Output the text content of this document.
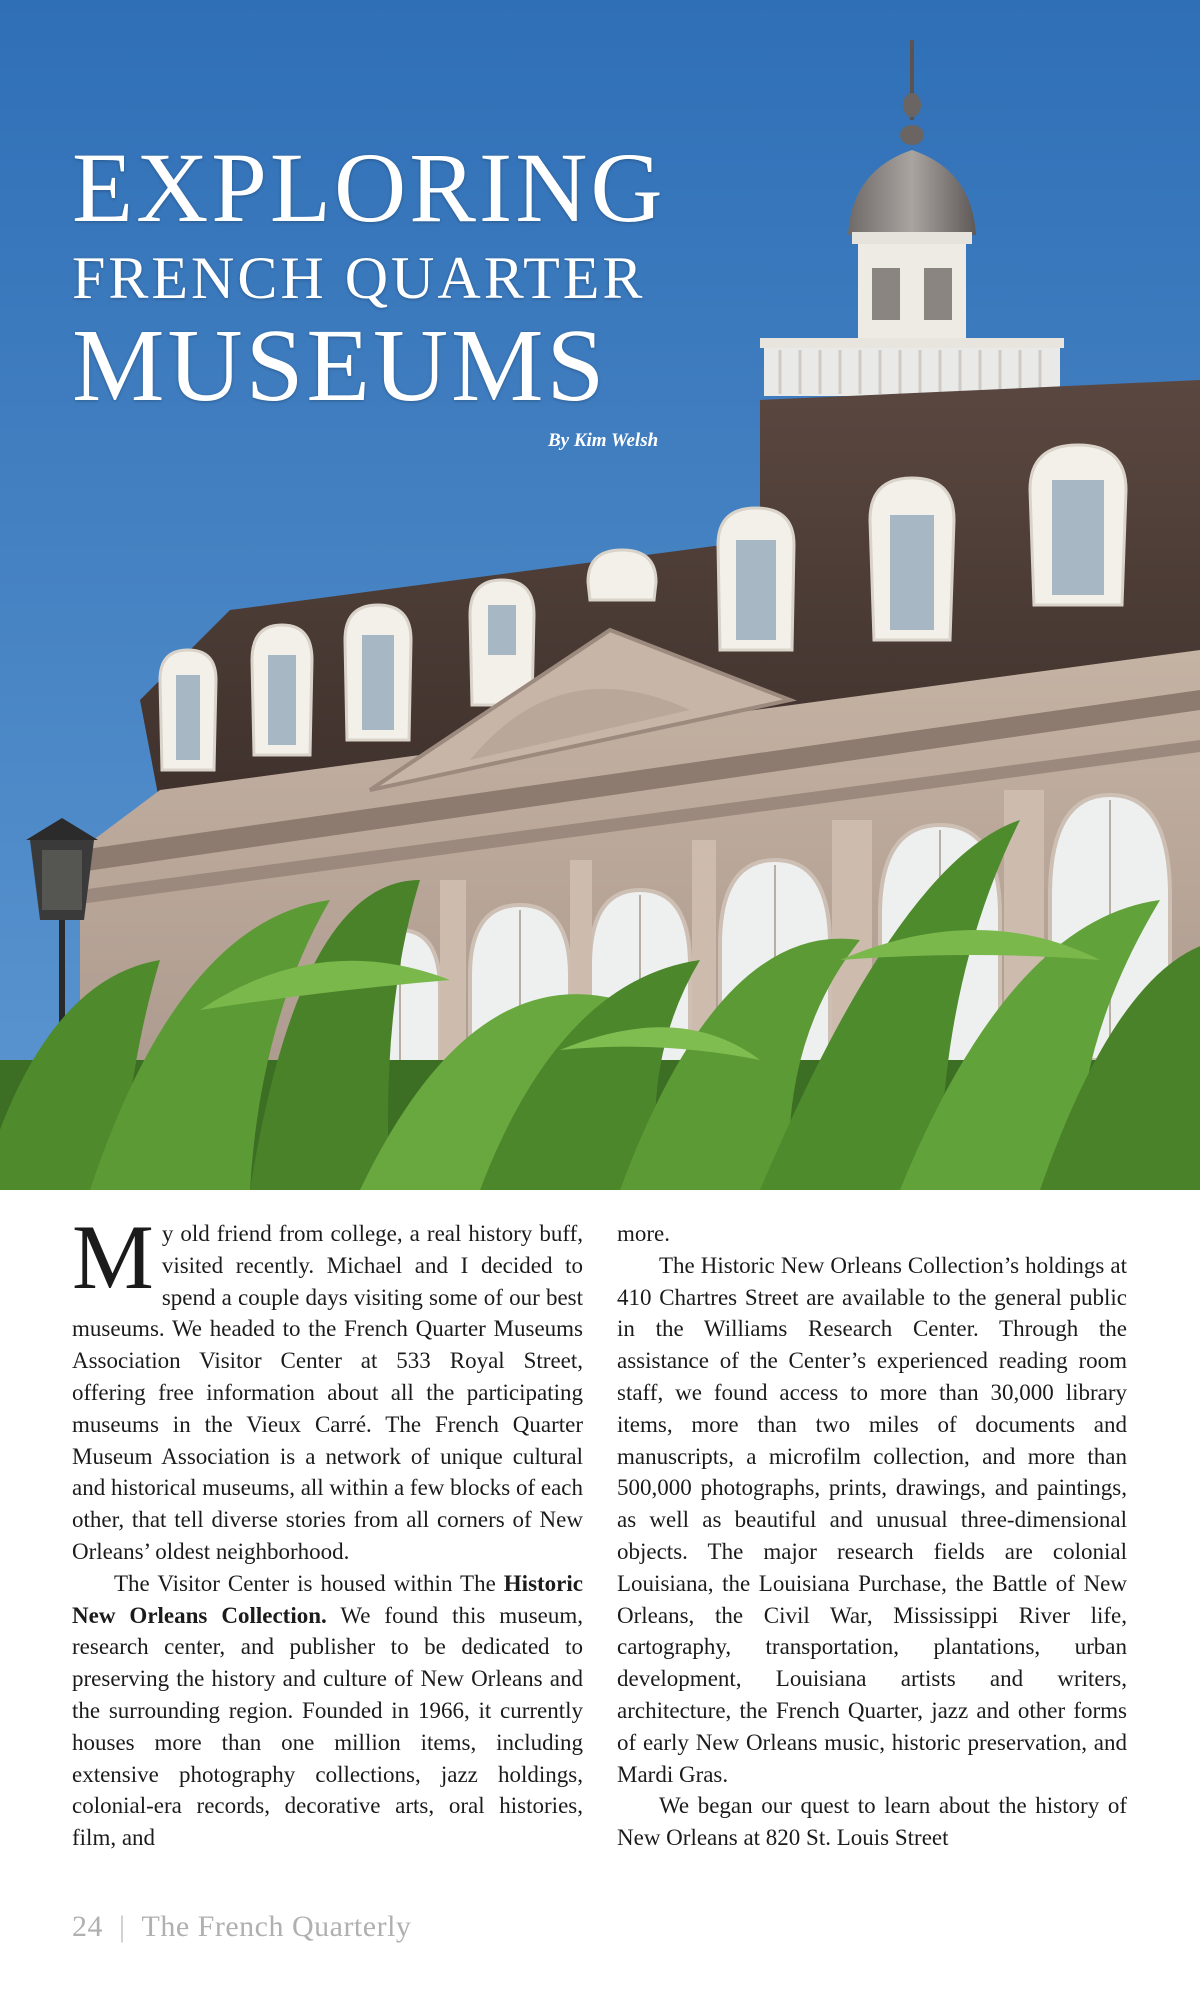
EXPLORING
FRENCH QUARTER
MUSEUMS
By Kim Welsh

My old friend from college, a real history buff, visited recently. Michael and I decided to spend a couple days visiting some of our best museums. We headed to the French Quarter Museums Association Visitor Center at 533 Royal Street, offering free information about all the participating museums in the Vieux Carré. The French Quarter Museum Association is a network of unique cultural and historical museums, all within a few blocks of each other, that tell diverse stories from all corners of New Orleans’ oldest neighborhood.

The Visitor Center is housed within The Historic New Orleans Collection. We found this museum, research center, and publisher to be dedicated to preserving the history and culture of New Orleans and the surrounding region. Founded in 1966, it currently houses more than one million items, including extensive photography collections, jazz holdings, colonial-era records, decorative arts, oral histories, film, and

more.

The Historic New Orleans Collection’s holdings at 410 Chartres Street are available to the general public in the Williams Research Center. Through the assistance of the Center’s experienced reading room staff, we found access to more than 30,000 library items, more than two miles of documents and manuscripts, a microfilm collection, and more than 500,000 photographs, prints, drawings, and paintings, as well as beautiful and unusual three-dimensional objects. The major research fields are colonial Louisiana, the Louisiana Purchase, the Battle of New Orleans, the Civil War, Mississippi River life, cartography, transportation, plantations, urban development, Louisiana artists and writers, architecture, the French Quarter, jazz and other forms of early New Orleans music, historic preservation, and Mardi Gras.

We began our quest to learn about the history of New Orleans at 820 St. Louis Street

24 | The French Quarterly
